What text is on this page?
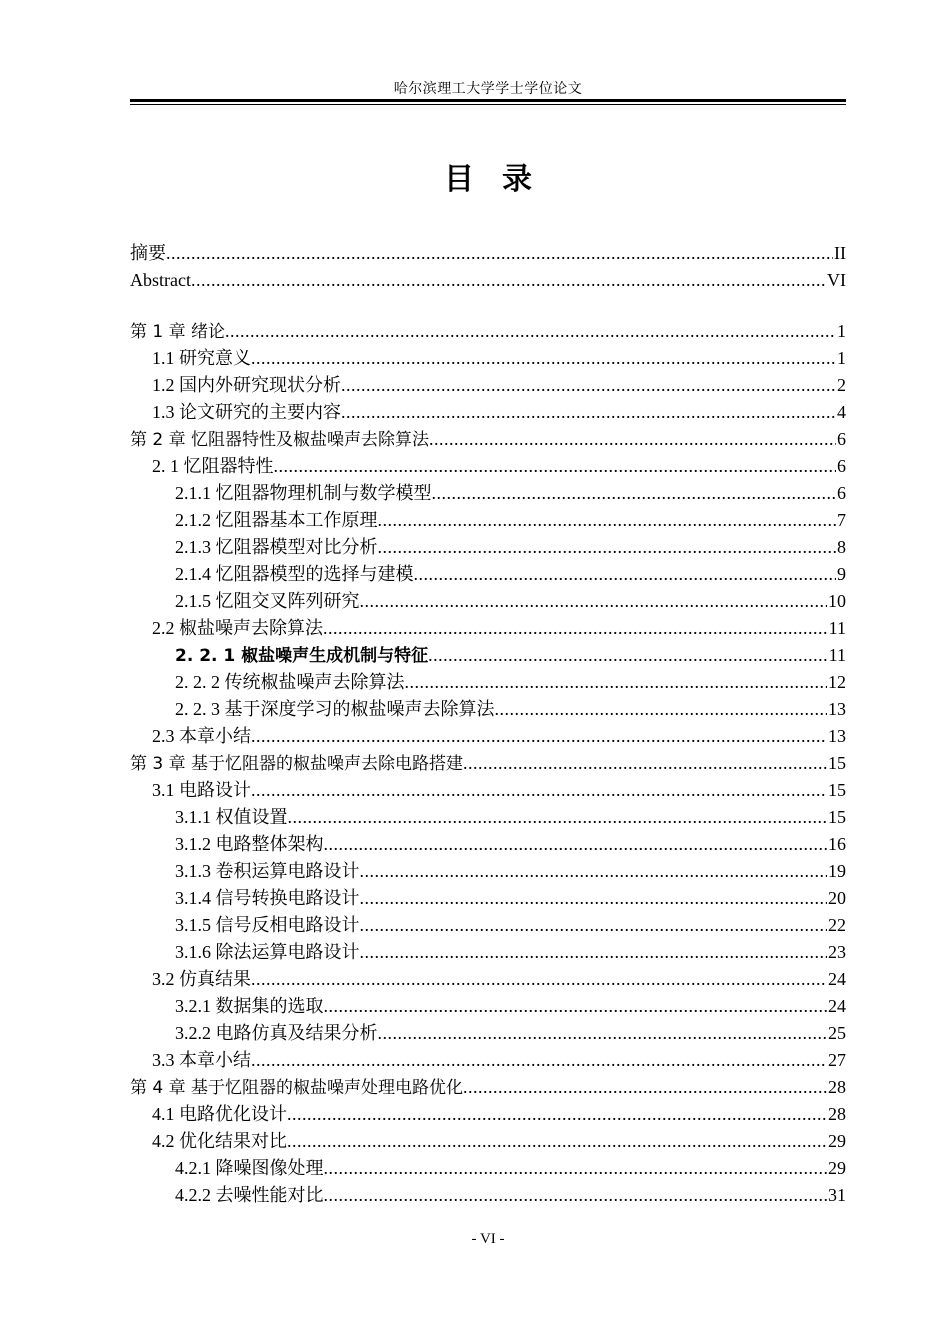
哈尔滨理工大学学士学位论文
目录
摘要 .....	II
Abstract .....	VI
第 1 章 绪论 .....	1
1.1 研究意义 .....	1
1.2 国内外研究现状分析 .....	2
1.3 论文研究的主要内容 .....	4
第 2 章 忆阻器特性及椒盐噪声去除算法 .....	6
2. 1 忆阻器特性 .....	6
2.1.1 忆阻器物理机制与数学模型 .....	6
2.1.2 忆阻器基本工作原理 .....	7
2.1.3 忆阻器模型对比分析 .....	8
2.1.4 忆阻器模型的选择与建模 .....	9
2.1.5 忆阻交叉阵列研究 .....	10
2.2 椒盐噪声去除算法 .....	11
2. 2. 1 椒盐噪声生成机制与特征 .....	11
2. 2. 2 传统椒盐噪声去除算法 .....	12
2. 2. 3 基于深度学习的椒盐噪声去除算法 .....	13
2.3 本章小结 .....	13
第 3 章 基于忆阻器的椒盐噪声去除电路搭建 .....	15
3.1 电路设计 .....	15
3.1.1 权值设置 .....	15
3.1.2 电路整体架构 .....	16
3.1.3 卷积运算电路设计 .....	19
3.1.4 信号转换电路设计 .....	20
3.1.5 信号反相电路设计 .....	22
3.1.6 除法运算电路设计 .....	23
3.2 仿真结果 .....	24
3.2.1 数据集的选取 .....	24
3.2.2 电路仿真及结果分析 .....	25
3.3 本章小结 .....	27
第 4 章 基于忆阻器的椒盐噪声处理电路优化 .....	28
4.1 电路优化设计 .....	28
4.2 优化结果对比 .....	29
4.2.1 降噪图像处理 .....	29
4.2.2 去噪性能对比 .....	31
- VI -
